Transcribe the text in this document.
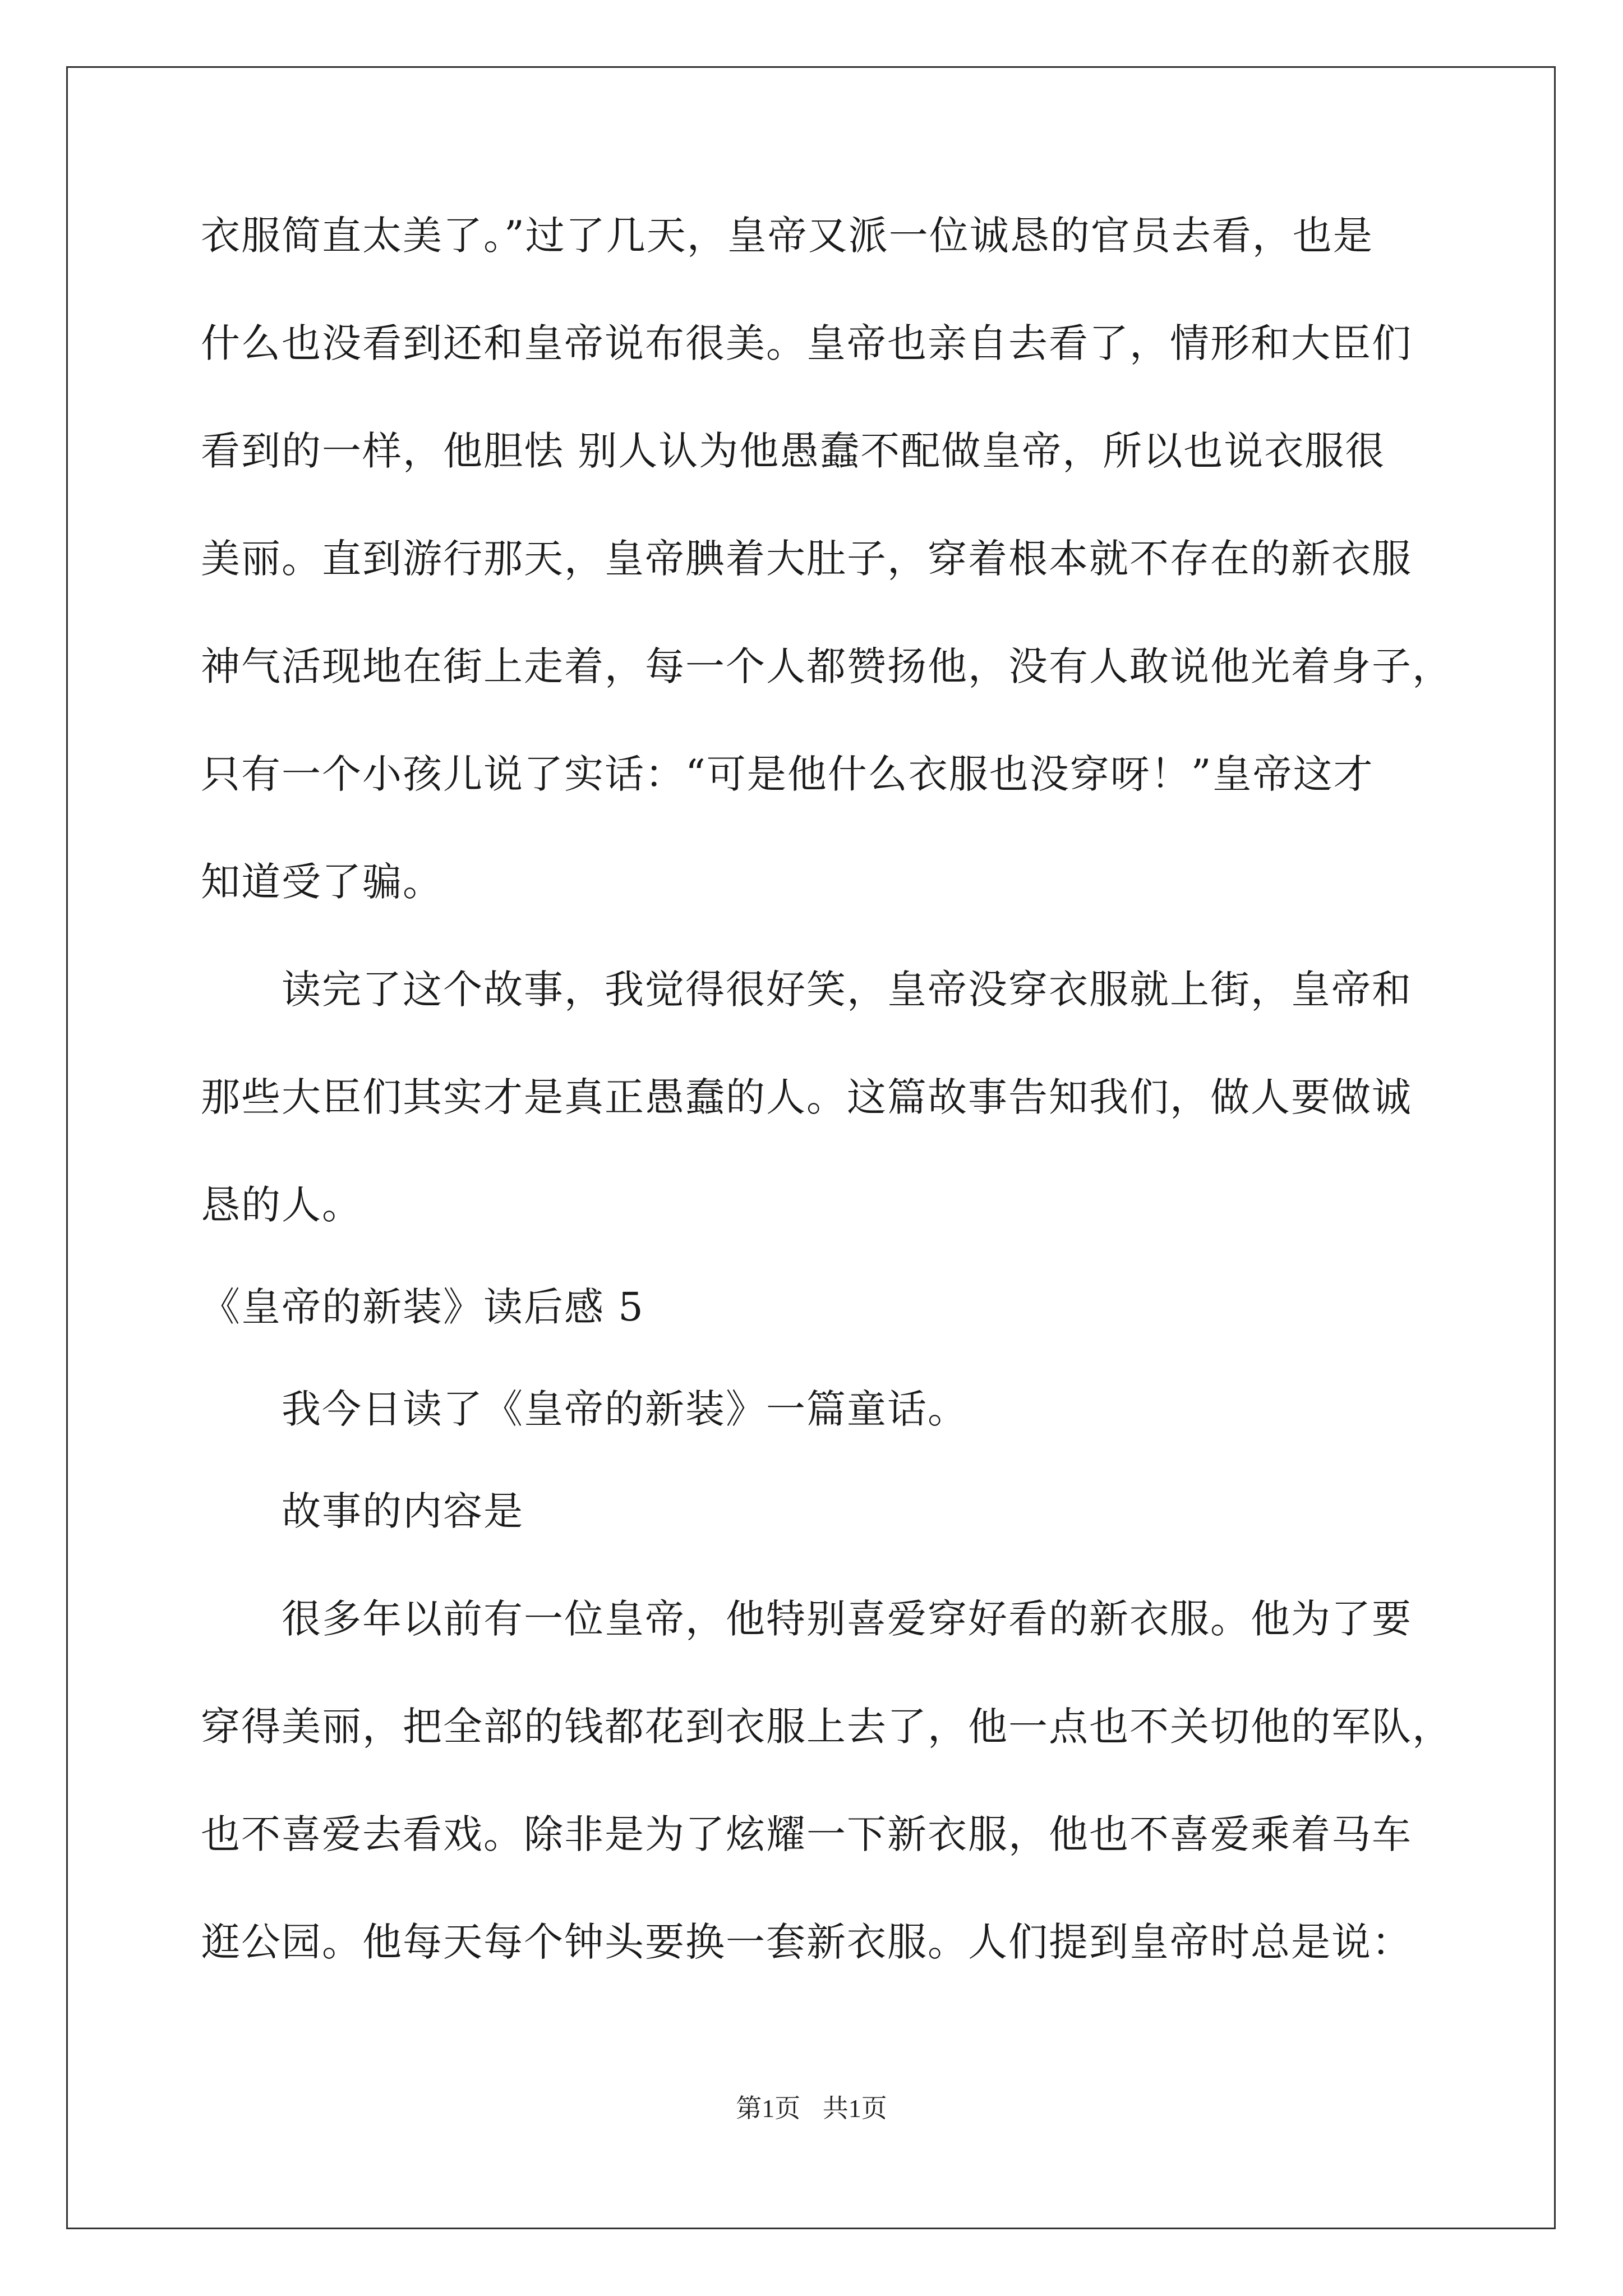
衣服简直太美了。”过了几天，皇帝又派一位诚恳的官员去看，也是
什么也没看到还和皇帝说布很美。皇帝也亲自去看了，情形和大臣们
看到的一样，他胆怯 别人认为他愚蠢不配做皇帝，所以也说衣服很
美丽。直到游行那天，皇帝腆着大肚子，穿着根本就不存在的新衣服
神气活现地在街上走着，每一个人都赞扬他，没有人敢说他光着身子，
只有一个小孩儿说了实话：“可是他什么衣服也没穿呀！”皇帝这才
知道受了骗。
读完了这个故事，我觉得很好笑，皇帝没穿衣服就上街，皇帝和
那些大臣们其实才是真正愚蠢的人。这篇故事告知我们，做人要做诚
恳的人。
《皇帝的新装》读后感 5
我今日读了《皇帝的新装》一篇童话。
故事的内容是
很多年以前有一位皇帝，他特别喜爱穿好看的新衣服。他为了要
穿得美丽，把全部的钱都花到衣服上去了，他一点也不关切他的军队，
也不喜爱去看戏。除非是为了炫耀一下新衣服，他也不喜爱乘着马车
逛公园。他每天每个钟头要换一套新衣服。人们提到皇帝时总是说：
第1页 共1页
